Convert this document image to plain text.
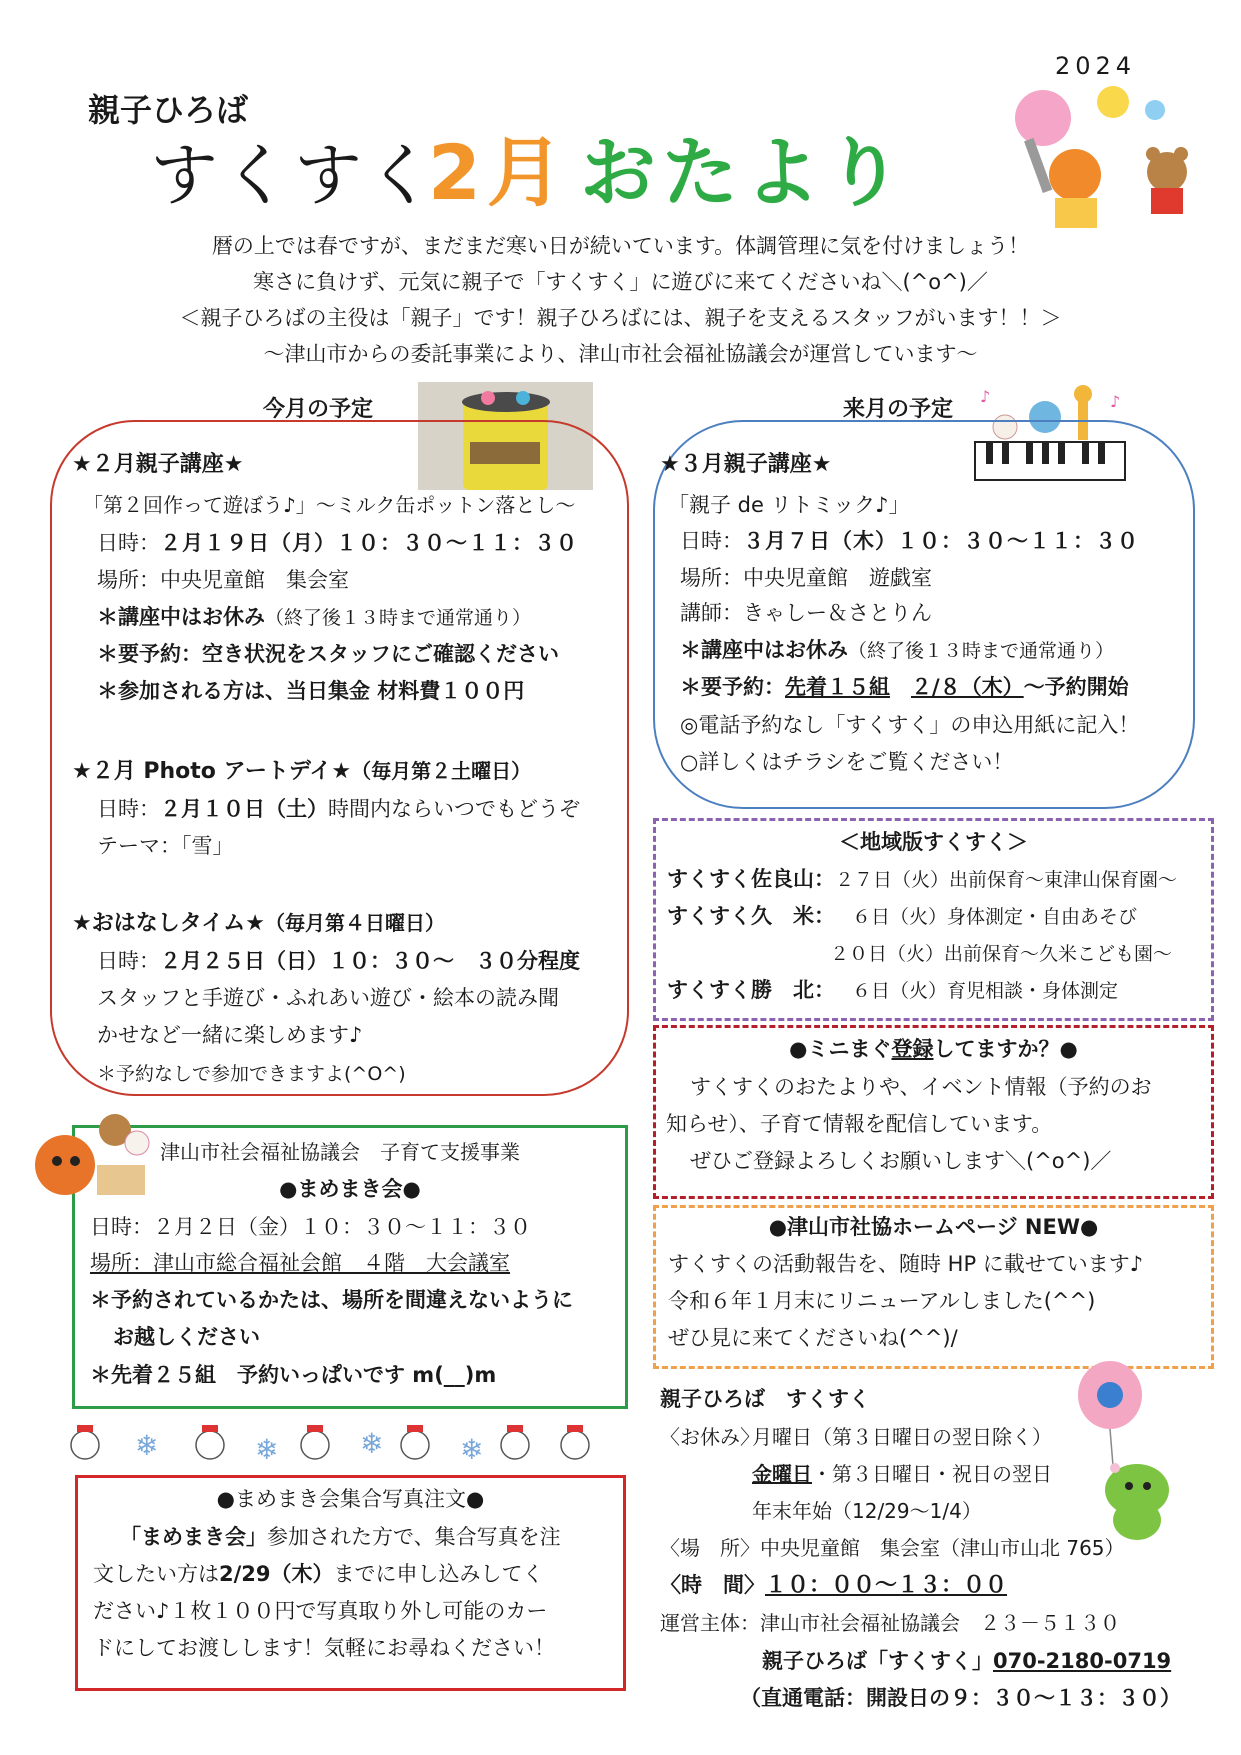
2024
親子ひろば
すくすく
2月 おたより
暦の上では春ですが、まだまだ寒い日が続いています。体調管理に気を付けましょう！
寒さに負けず、元気に親子で「すくすく」に遊びに来てくださいね＼(^o^)／
＜親子ひろばの主役は「親子」です！親子ひろばには、親子を支えるスタッフがいます！！＞
～津山市からの委託事業により、津山市社会福祉協議会が運営しています～
今月の予定
★２月親子講座★
「第２回作って遊ぼう♪」～ミルク缶ポットン落とし～
日時：２月１９日（月）１０：３０～１１：３０
場所：中央児童館　集会室
＊講座中はお休み（終了後１３時まで通常通り）
＊要予約：空き状況をスタッフにご確認ください
＊参加される方は、当日集金 材料費１００円
★２月 Photo アートデイ★（毎月第２土曜日）
日時：２月１０日（土）時間内ならいつでもどうぞ
テーマ：「雪」
★おはなしタイム★（毎月第４日曜日）
日時：２月２５日（日）１０：３０～　３０分程度
スタッフと手遊び・ふれあい遊び・絵本の読み聞
かせなど一緒に楽しめます♪
＊予約なしで参加できますよ(^O^)
来月の予定
♪	♪
★３月親子講座★
「親子 de リトミック♪」
日時：３月７日（木）１０：３０～１１：３０
場所：中央児童館　遊戯室
講師：きゃしー＆さとりん
＊講座中はお休み（終了後１３時まで通常通り）
＊要予約：先着１５組　 ２/８（木）～予約開始
◎電話予約なし「すくすく」の申込用紙に記入！
○詳しくはチラシをご覧ください！
＜地域版すくすく＞
すくすく佐良山：２７日（火）出前保育～東津山保育園～
すくすく久　米： ６日（火）身体測定・自由あそび
２０日（火）出前保育～久米こども園～
すくすく勝　北： ６日（火）育児相談・身体測定
●ミニまぐ登録してますか？●
すくすくのおたよりや、イベント情報（予約のお
知らせ）、子育て情報を配信しています。
ぜひご登録よろしくお願いします＼(^o^)／
●津山市社協ホームページ NEW●
すくすくの活動報告を、随時 HP に載せています♪
令和６年１月末にリニューアルしました(^^)
ぜひ見に来てくださいね(^^)/
津山市社会福祉協議会　子育て支援事業
●まめまき会●
日時：２月２日（金）１０：３０～１１：３０
場所：津山市総合福祉会館　４階　大会議室
＊予約されているかたは、場所を間違えないように
お越しください
＊先着２５組　予約いっぱいです m(__)m
❄	❄	❄	❄
●まめまき会集合写真注文●
「まめまき会」参加された方で、集合写真を注
文したい方は2/29（木）までに申し込みしてく
ださい♪１枚１００円で写真取り外し可能のカー
ドにしてお渡しします！気軽にお尋ねください！
親子ひろば　すくすく
〈お休み〉
月曜日（第３日曜日の翌日除く）
金曜日・第３日曜日・祝日の翌日
年末年始（12/29～1/4）
〈場　所〉中央児童館　集会室（津山市山北 765）
〈時　間〉１０：００～１３：００
運営主体：津山市社会福祉協議会　２３－５１３０
親子ひろば「すくすく」070-2180-0719
（直通電話：開設日の９：３０～１３：３０）
